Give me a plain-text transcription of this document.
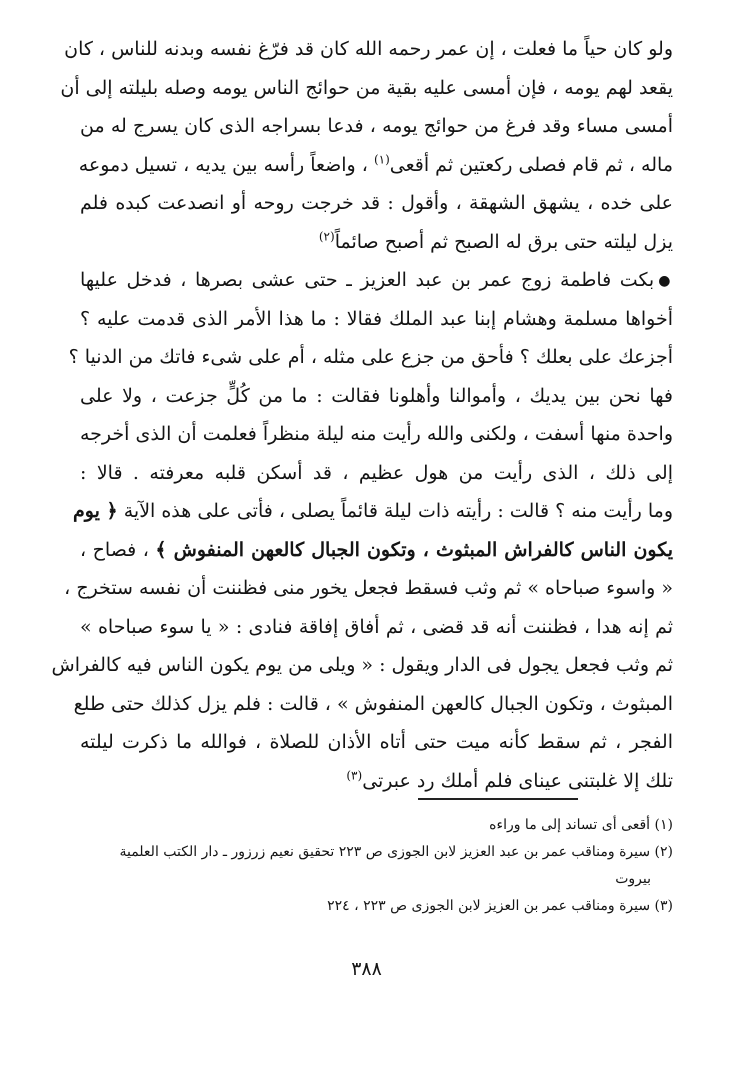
ولو كان حياً ما فعلت ، إن عمر رحمه الله كان قد فرّغ نفسه وبدنه للناس ، كان
يقعد لهم يومه ، فإن أمسى عليه بقية من حوائج الناس يومه وصله بليلته إلى أن
أمسى مساء وقد فرغ من حوائج يومه ، فدعا بسراجه الذى كان يسرج له من
ماله ، ثم قام فصلى ركعتين ثم أقعى$^{(١)}$ ، واضعاً رأسه بين يديه ، تسيل دموعه
على خده ، يشهق الشهقة ، وأقول : قد خرجت روحه أو انصدعت كبده فلم
يزل ليلته حتى برق له الصبح ثم أصبح صائماً$^{(٢)}$
●بكت فاطمة زوج عمر بن عبد العزيز ـ حتى عشى بصرها ، فدخل عليها
أخواها مسلمة وهشام إبنا عبد الملك فقالا : ما هذا الأمر الذى قدمت عليه ؟
أجزعك على بعلك ؟ فأحق من جزع على مثله ، أم على شىء فاتك من الدنيا ؟
فها نحن بين يديك ، وأموالنا وأهلونا فقالت : ما من كُلٍّ جزعت ، ولا على
واحدة منها أسفت ، ولكنى والله رأيت منه ليلة منظراً فعلمت أن الذى أخرجه
إلى ذلك ، الذى رأيت من هول عظيم ، قد أسكن قلبه معرفته . قالا :
وما رأيت منه ؟ قالت : رأيته ذات ليلة قائماً يصلى ، فأتى على هذه الآية ﴿ يوم
يكون الناس كالفراش المبثوث ، وتكون الجبال كالعهن المنفوش ﴾ ، فصاح ،
« واسوء صباحاه » ثم وثب فسقط فجعل يخور منى فظننت أن نفسه ستخرج ،
ثم إنه هدا ، فظننت أنه قد قضى ، ثم أفاق إفاقة فنادى : « يا سوء صباحاه »
ثم وثب فجعل يجول فى الدار ويقول : « ويلى من يوم يكون الناس فيه كالفراش
المبثوث ، وتكون الجبال كالعهن المنفوش » ، قالت : فلم يزل كذلك حتى طلع
الفجر ، ثم سقط كأنه ميت حتى أتاه الأذان للصلاة ، فوالله ما ذكرت ليلته
تلك إلا غلبتنى عيناى فلم أملك رد عبرتى$^{(٣)}$
(١) أقعى أى تساند إلى ما وراءه
(٢) سيرة ومناقب عمر بن عبد العزيز لابن الجوزى ص ٢٢٣ تحقيق نعيم زرزور ـ دار الكتب العلمية
بيروت
(٣) سيرة ومناقب عمر بن العزيز لابن الجوزى ص ٢٢٣ ، ٢٢٤
٣٨٨
